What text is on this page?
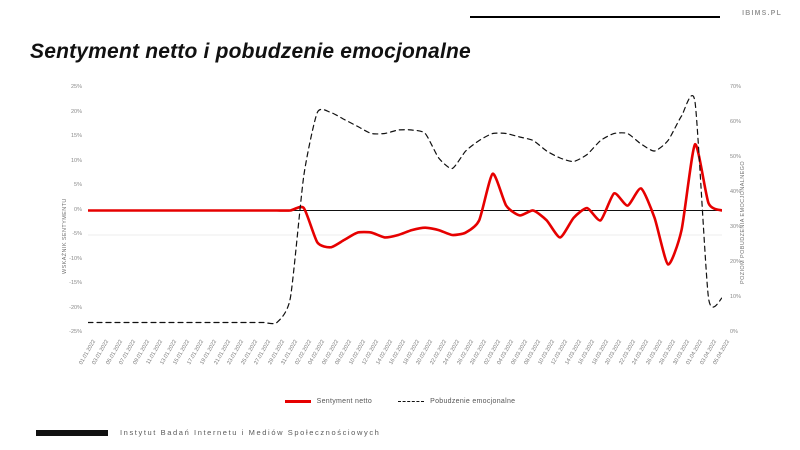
IBIMS.PL
Sentyment netto i pobudzenie emocjonalne
WSKAŹNIK SENTYMENTU	POZIOM POBUDZENIA EMOCJONALNEGO
25%
20%
15%
10%
5%
0%
-5%
-10%
-15%
-20%
-25%
70%
60%
50%
40%
30%
20%
10%
0%
01.01.2022
03.01.2022
05.01.2022
07.01.2022
09.01.2022
11.01.2022
13.01.2022
15.01.2022
17.01.2022
19.01.2022
21.01.2022
23.01.2022
25.01.2022
27.01.2022
29.01.2022
31.01.2022
02.02.2022
04.02.2022
06.02.2022
08.02.2022
10.02.2022
12.02.2022
14.02.2022
16.02.2022
18.02.2022
20.02.2022
22.02.2022
24.02.2022
26.02.2022
28.02.2022
02.03.2022
04.03.2022
06.03.2022
08.03.2022
10.03.2022
12.03.2022
14.03.2022
16.03.2022
18.03.2022
20.03.2022
22.03.2022
24.03.2022
26.03.2022
28.03.2022
30.03.2022
01.04.2022
03.04.2022
05.04.2022
Sentyment netto	Pobudzenie emocjonalne
Instytut Badań Internetu i Mediów Społecznościowych
